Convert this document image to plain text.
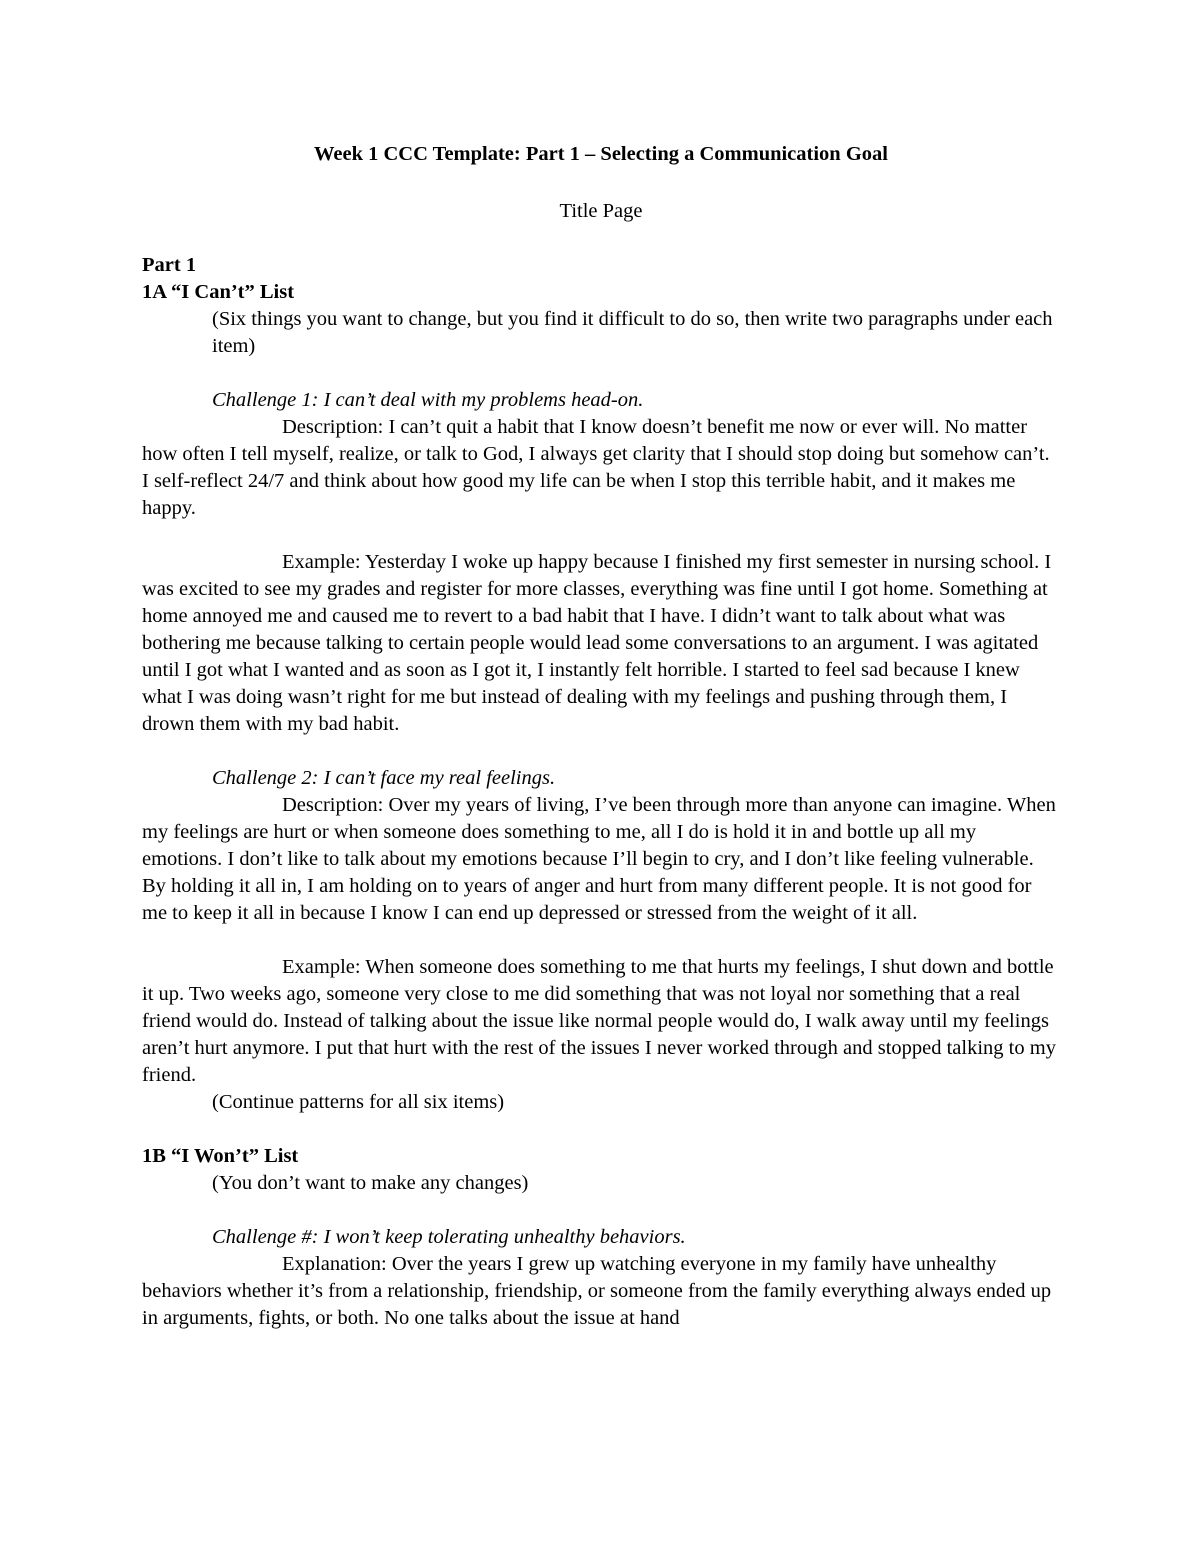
Week 1 CCC Template: Part 1 – Selecting a Communication Goal

Title Page

Part 1

1A “I Can’t” List

(Six things you want to change, but you find it difficult to do so, then write two paragraphs under each item)

Challenge 1: I can’t deal with my problems head-on.

Description: I can’t quit a habit that I know doesn’t benefit me now or ever will. No matter how often I tell myself, realize, or talk to God, I always get clarity that I should stop doing but somehow can’t. I self-reflect 24/7 and think about how good my life can be when I stop this terrible habit, and it makes me happy.

Example: Yesterday I woke up happy because I finished my first semester in nursing school. I was excited to see my grades and register for more classes, everything was fine until I got home. Something at home annoyed me and caused me to revert to a bad habit that I have. I didn’t want to talk about what was bothering me because talking to certain people would lead some conversations to an argument. I was agitated until I got what I wanted and as soon as I got it, I instantly felt horrible. I started to feel sad because I knew what I was doing wasn’t right for me but instead of dealing with my feelings and pushing through them, I drown them with my bad habit.

Challenge 2: I can’t face my real feelings.

Description: Over my years of living, I’ve been through more than anyone can imagine. When my feelings are hurt or when someone does something to me, all I do is hold it in and bottle up all my emotions. I don’t like to talk about my emotions because I’ll begin to cry, and I don’t like feeling vulnerable. By holding it all in, I am holding on to years of anger and hurt from many different people. It is not good for me to keep it all in because I know I can end up depressed or stressed from the weight of it all.

Example: When someone does something to me that hurts my feelings, I shut down and bottle it up. Two weeks ago, someone very close to me did something that was not loyal nor something that a real friend would do. Instead of talking about the issue like normal people would do, I walk away until my feelings aren’t hurt anymore. I put that hurt with the rest of the issues I never worked through and stopped talking to my friend.

(Continue patterns for all six items)

1B “I Won’t” List

(You don’t want to make any changes)

Challenge #: I won’t keep tolerating unhealthy behaviors.

Explanation: Over the years I grew up watching everyone in my family have unhealthy behaviors whether it’s from a relationship, friendship, or someone from the family everything always ended up in arguments, fights, or both. No one talks about the issue at hand
